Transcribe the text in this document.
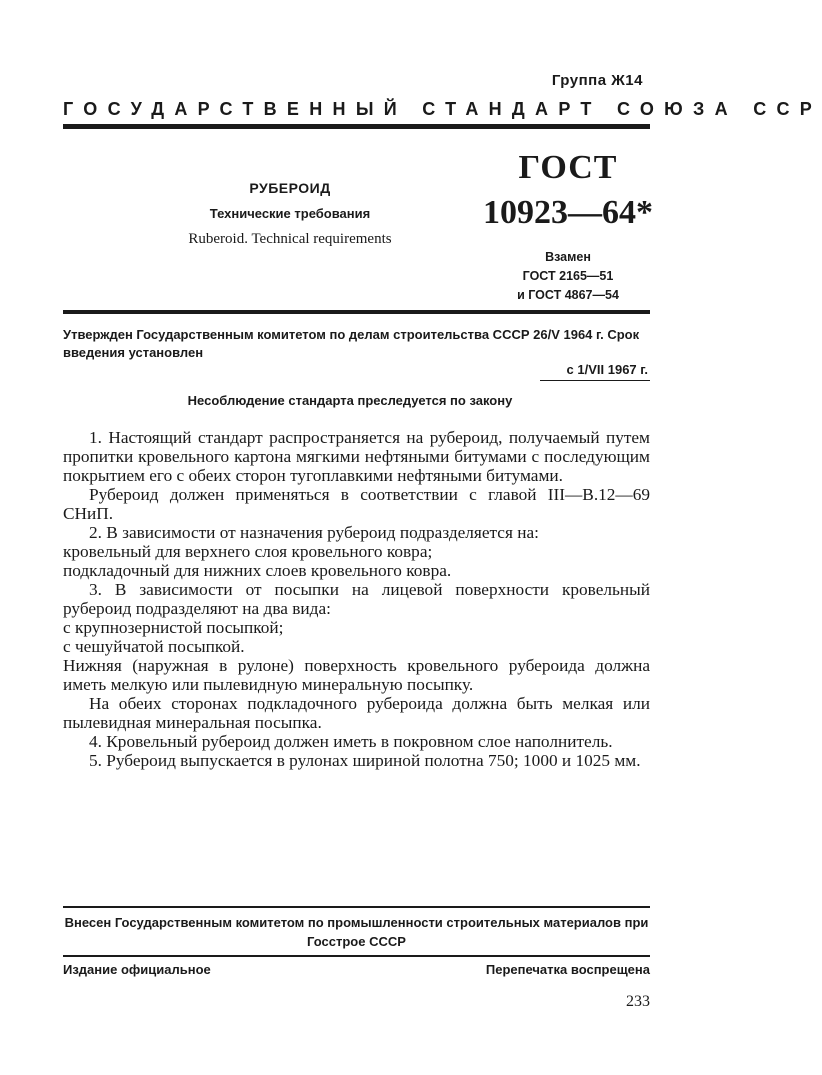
Группа Ж14
ГОСУДАРСТВЕННЫЙ СТАНДАРТ СОЮЗА ССР
РУБЕРОИД
Технические требования
Ruberoid. Technical requirements
ГОСТ
10923—64*
Взамен
ГОСТ 2165—51
и ГОСТ 4867—54
Утвержден Государственным комитетом по делам строительства СССР 26/V 1964 г. Срок введения установлен
с 1/VII 1967 г.
Несоблюдение стандарта преследуется по закону
1. Настоящий стандарт распространяется на рубероид, получаемый путем пропитки кровельного картона мягкими нефтяными битумами с последующим покрытием его с обеих сторон тугоплавкими нефтяными битумами.
Рубероид должен применяться в соответствии с главой III—В.12—69 СНиП.
2. В зависимости от назначения рубероид подразделяется на:
кровельный для верхнего слоя кровельного ковра;
подкладочный для нижних слоев кровельного ковра.
3. В зависимости от посыпки на лицевой поверхности кровельный рубероид подразделяют на два вида:
с крупнозернистой посыпкой;
с чешуйчатой посыпкой.
Нижняя (наружная в рулоне) поверхность кровельного рубероида должна иметь мелкую или пылевидную минеральную посыпку.
На обеих сторонах подкладочного рубероида должна быть мелкая или пылевидная минеральная посыпка.
4. Кровельный рубероид должен иметь в покровном слое наполнитель.
5. Рубероид выпускается в рулонах шириной полотна 750; 1000 и 1025 мм.
Внесен Государственным комитетом по промышленности строительных материалов при Госстрое СССР
Издание официальное	Перепечатка воспрещена
233
